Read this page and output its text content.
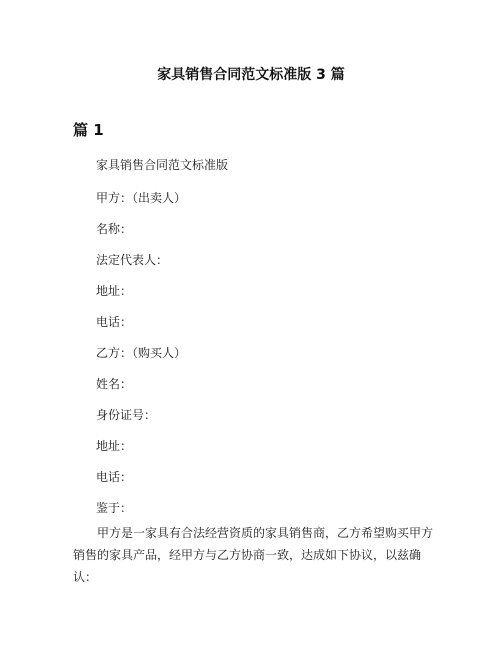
家具销售合同范文标准版 3 篇
篇 1
家具销售合同范文标准版
甲方：（出卖人）
名称：
法定代表人：
地址：
电话：
乙方：（购买人）
姓名：
身份证号：
地址：
电话：
鉴于：
甲方是一家具有合法经营资质的家具销售商，乙方希望购买甲方销售的家具产品，经甲方与乙方协商一致，达成如下协议，以兹确认：
